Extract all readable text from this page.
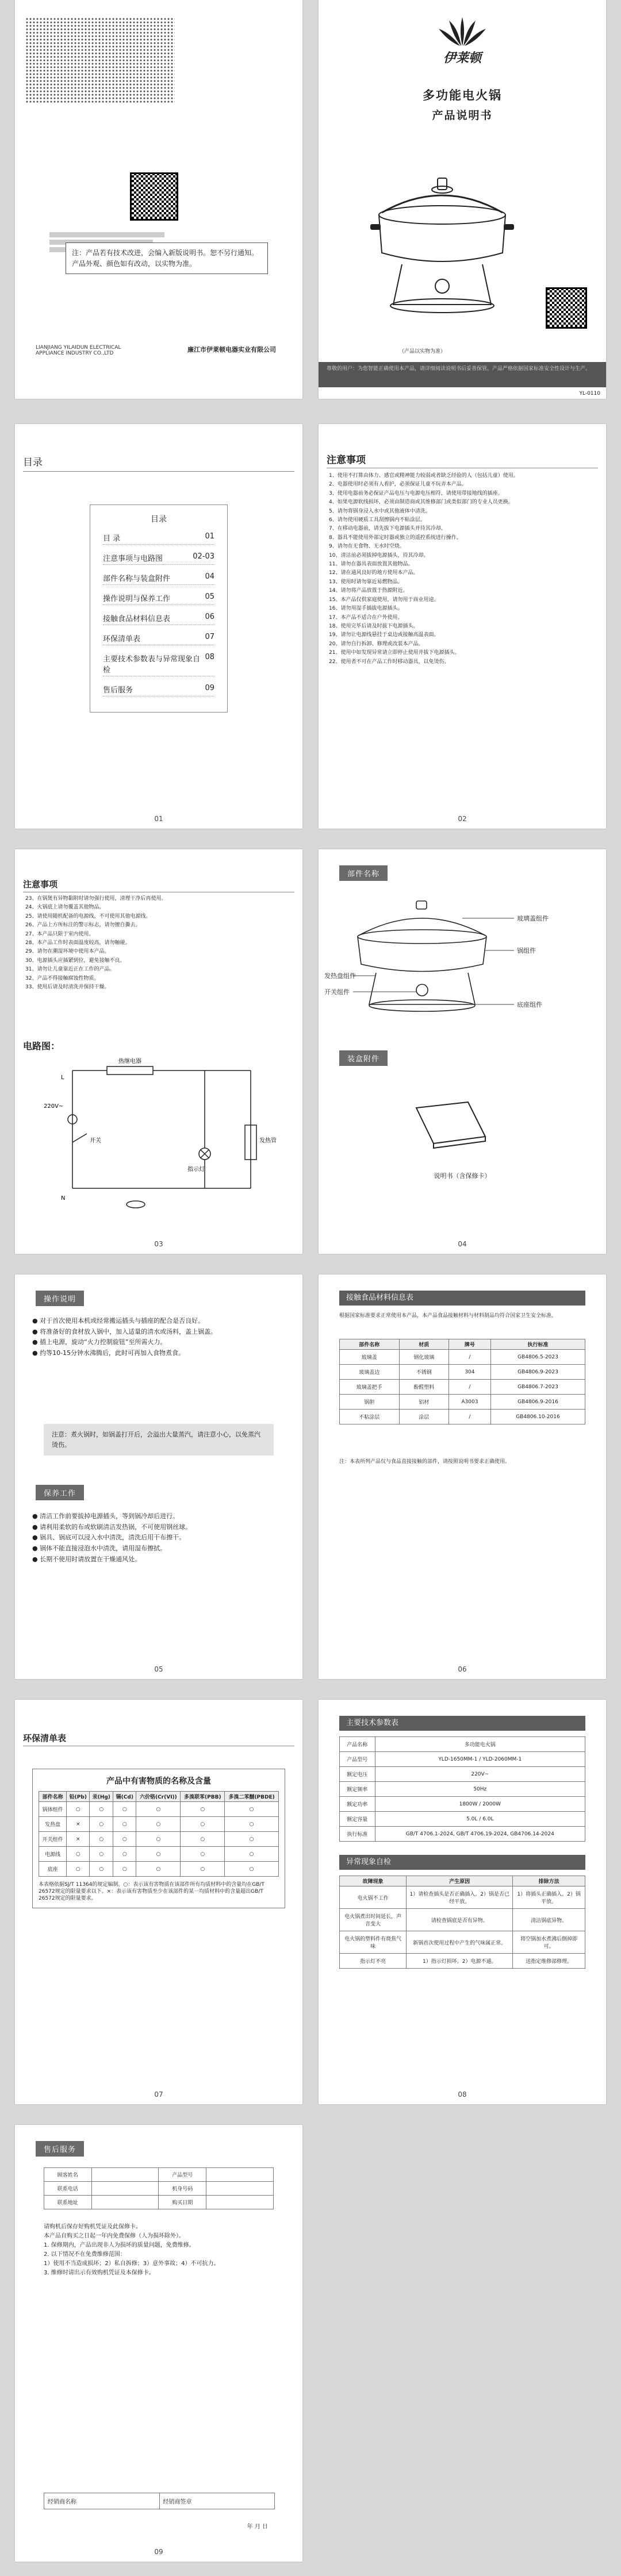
注：产品若有技术改进，会编入新版说明书。恕不另行通知。产品外观、颜色如有改动，以实物为准。
LIANJIANG YILAIDUN ELECTRICAL APPLIANCE INDUSTRY CO.,LTD	廉江市伊莱顿电器实业有限公司
伊莱顿
多功能电火锅
产品说明书
（产品以实物为准）
尊敬的用户：为您智能正确使用本产品，请详细阅读说明书后妥善保管。产品严格依据国家标准安全性设计与生产。
YL-0110
目录
目录
目 录	01
注意事项与电路图	02-03
部件名称与装盒附件	04
操作说明与保养工作	05
接触食品材料信息表	06
环保清单表	07
主要技术参数表与异常现象自检
08
售后服务	09
01
注意事项

1、使用不打算由体力、感官或精神能力较弱或者缺乏经验的人（包括儿童）使用。

2、电器使用时必须有人看护，必须保证儿童不玩弄本产品。

3、使用电器前务必保证产品电压与电源电压相符，请使用带接地线的插座。

4、如果电源软线损坏，必须由制造商或其维修部门或类似部门的专业人员更换。

5、请勿将锅身浸入水中或其他液体中清洗。

6、请勿使用硬质工具刮擦锅内不粘涂层。

7、在移动电器前，请先拔下电源插头并待其冷却。

8、器具不能使用外部定时器或独立的遥控系统进行操作。

9、请勿在无食物、无水时空烧。

10、清洁前必须拔掉电源插头，待其冷却。

11、请勿在器具表面放置其他物品。

12、请在通风良好的地方使用本产品。

13、使用时请勿靠近易燃物品。

14、请勿将产品放置于热源附近。

15、本产品仅供家庭使用，请勿用于商业用途。

16、请勿用湿手插拔电源插头。

17、本产品不适合在户外使用。

18、使用完毕后请及时拔下电源插头。

19、请勿让电源线悬挂于桌边或接触高温表面。

20、请勿自行拆卸、修理或改装本产品。

21、使用中如发现异常请立即停止使用并拔下电源插头。

22、使用者不可在产品工作时移动器具，以免烫伤。

02
注意事项

23、在锅煲有异物黏附时请勿强行使用，清理干净后再使用。

24、火锅底上请勿覆盖其他物品。

25、请使用随机配备的电源线，不可使用其他电源线。

26、产品上方所标注的警示标志，请勿擅自撕去。

27、本产品只限于室内使用。

28、本产品工作时表面温度较高，请勿触碰。

29、请勿在潮湿环境中使用本产品。

30、电源插头应插紧到位，避免接触不良。

31、请勿让儿童靠近正在工作的产品。

32、产品不得接触腐蚀性物质。

33、使用后请及时清洗并保持干燥。

电路图：
热继电器
220V~
发热管
指示灯
开关
N
L
03
部件名称
玻璃盖组件
锅组件
发热盘组件
开关组件
底座组件
装盒附件
说明书（含保修卡）
04
操作说明
● 对于首次使用本机或经常搬运插头与插座的配合是否良好。
● 将准备好的食材放入锅中，加入适量的清水或汤料，盖上锅盖。
● 插上电源，旋动“火力控制旋钮”至所需火力。
● 约等10-15分钟水沸腾后，此时可再加入食物煮食。
注意：煮火锅时，如锅盖打开后，会溢出大量蒸汽，请注意小心，以免蒸汽烫伤。
保养工作
● 清洁工作前要拔掉电源插头，等到锅冷却后进行。
● 请利用柔软的布或软刷清洁发热锅，不可使用钢丝球。
● 锅具、锅底可以浸入水中清洗，清洗后用干布擦干。
● 锅体不能直接浸泡水中清洗，请用湿布擦拭。
● 长期不使用时请放置在干燥通风处。
05
接触食品材料信息表
根据国家标准要求正常使用本产品，本产品食品接触材料与材料制品均符合国家卫生安全标准。
部件名称	材质	牌号	执行标准
玻璃盖	钢化玻璃	/	GB4806.5-2023
玻璃盖边	不锈钢	304	GB4806.9-2023
玻璃盖把手	酚醛塑料	/	GB4806.7-2023
锅胆	铝材	A3003	GB4806.9-2016
不粘涂层	涂层	/	GB4806.10-2016
注：本表所列产品仅与食品直接接触的部件，请按照说明书要求正确使用。
06
环保清单表
产品中有害物质的名称及含量
部件名称	铅(Pb)	汞(Hg)	镉(Cd)	六价铬(Cr(VI))	多溴联苯(PBB)	多溴二苯醚(PBDE)
锅体组件	○	○	○	○	○	○
发热盘	×	○	○	○	○	○
开关组件	×	○	○	○	○	○
电源线	○	○	○	○	○	○
底座	○	○	○	○	○	○
本表格依据SJ/T 11364的规定编制。○：表示该有害物质在该部件所有均质材料中的含量均在GB/T 26572规定的限量要求以下。×：表示该有害物质至少在该部件的某一均质材料中的含量超出GB/T 26572规定的限量要求。
07
主要技术参数表
产品名称	多功能电火锅
产品型号	YLD-1650MM-1 / YLD-2060MM-1
额定电压	220V~
额定频率	50Hz
额定功率	1800W / 2000W
额定容量	5.0L / 6.0L
执行标准	GB/T 4706.1-2024, GB/T 4706.19-2024, GB4706.14-2024
异常现象自检
故障现象	产生原因	排除方法
电火锅不工作	1）请检查插头是否正确插入。2）锅是否已经平放。	1）将插头正确插入。2）锅平放。
电火锅煮出时间延长，声音变大	请检查锅底是否有异物。	清洁锅底异物。
电火锅的塑料件有烧焦气味	新锅首次使用过程中产生的气味属正常。	将空锅加水煮沸后倒掉即可。
指示灯不亮	1）指示灯损坏。2）电源不通。	送指定维修部修理。
08
售后服务
顾客姓名		产品型号	
联系电话		机身号码	
联系地址		购买日期	
请购机后保存好购机凭证及此保修卡。
本产品自购买之日起一年内免费保修（人为损坏除外）。
1. 保修期内，产品出现非人为损坏的质量问题，免费维修。
2. 以下情况不在免费维修范围：
1）使用不当造成损坏；2）私自拆修；3）意外事故；4）不可抗力。
3. 维修时请出示有效购机凭证及本保修卡。
经销商名称	经销商签章
年 月 日
09
